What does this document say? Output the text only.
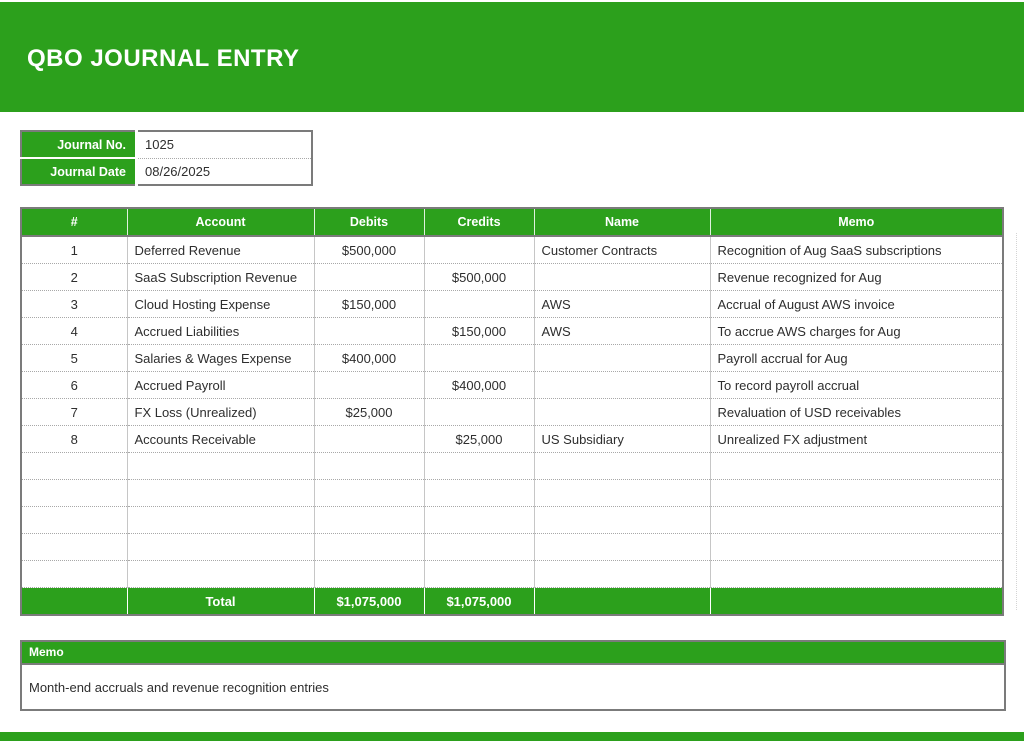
QBO JOURNAL ENTRY
Journal No.	1025
Journal Date	08/26/2025
#	Account	Debits	Credits	Name	Memo
1	Deferred Revenue	$500,000		Customer Contracts	Recognition of Aug SaaS subscriptions
2	SaaS Subscription Revenue		$500,000		Revenue recognized for Aug
3	Cloud Hosting Expense	$150,000		AWS	Accrual of August AWS invoice
4	Accrued Liabilities		$150,000	AWS	To accrue AWS charges for Aug
5	Salaries & Wages Expense	$400,000			Payroll accrual for Aug
6	Accrued Payroll		$400,000		To record payroll accrual
7	FX Loss (Unrealized)	$25,000			Revaluation of USD receivables
8	Accounts Receivable		$25,000	US Subsidiary	Unrealized FX adjustment

	Total	$1,075,000	$1,075,000		
Memo
Month-end accruals and revenue recognition entries
